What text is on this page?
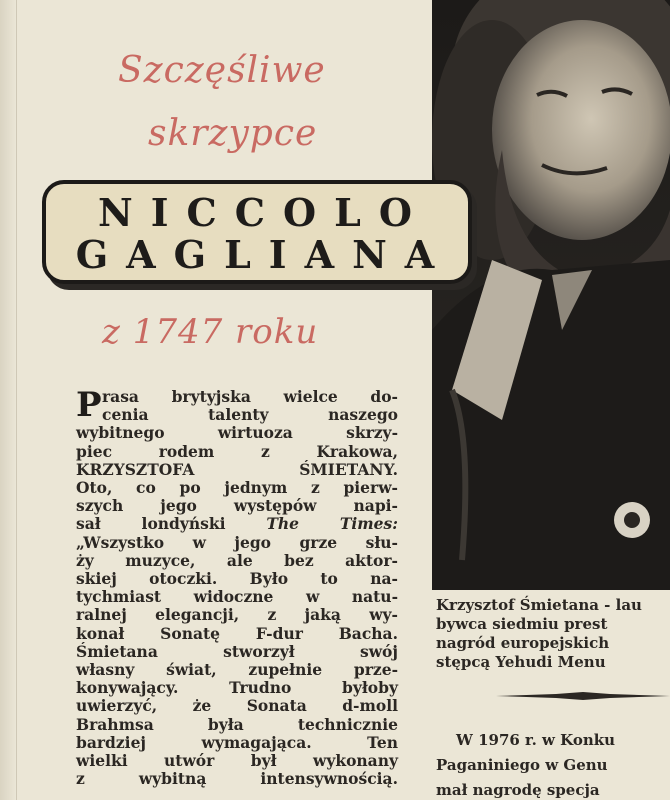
Szczęśliwe
skrzypce
NICCOLO
GAGLIANA
z 1747 roku
P rasa brytyjska wielce do-
cenia talenty naszego
wybitnego wirtuoza skrzy-
piec rodem z Krakowa,
KRZYSZTOFA ŚMIETANY.
Oto, co po jednym z pierw-
szych jego występów napi-
sał londyński The Times:
„Wszystko w jego grze słu-
ży muzyce, ale bez aktor-
skiej otoczki. Było to na-
tychmiast widoczne w natu-
ralnej elegancji, z jaką wy-
konał Sonatę F-dur Bacha.
Śmietana stworzył swój
własny świat, zupełnie prze-
konywający. Trudno byłoby
uwierzyć, że Sonata d-moll
Brahmsa była technicznie
bardziej wymagająca. Ten
wielki utwór był wykonany
z wybitną intensywnością.
Krzysztof Śmietana - lau
bywca siedmiu prest
nagród europejskich
stępcą Yehudi Menu
W 1976 r. w Konku
Paganiniego w Genu
mał nagrodę specja
